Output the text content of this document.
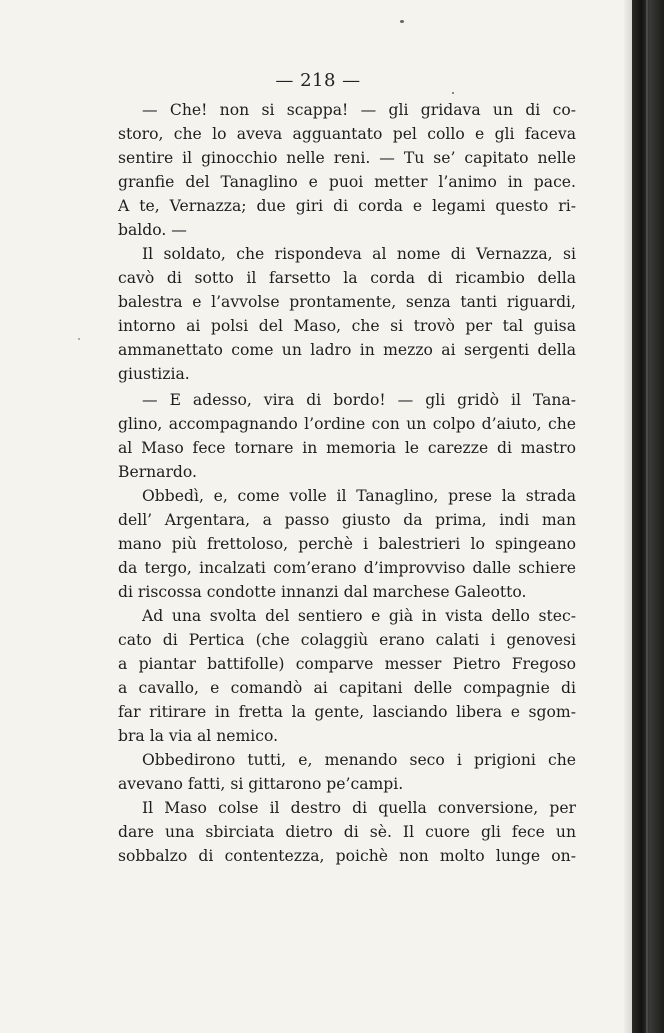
— 218 —
— Che! non si scappa! — gli gridava un di co-
storo, che lo aveva agguantato pel collo e gli faceva
sentire il ginocchio nelle reni. — Tu se’ capitato nelle
granfie del Tanaglino e puoi metter l’animo in pace.
A te, Vernazza; due giri di corda e legami questo ri-
baldo. —
Il soldato, che rispondeva al nome di Vernazza, si
cavò di sotto il farsetto la corda di ricambio della
balestra e l’avvolse prontamente, senza tanti riguardi,
intorno ai polsi del Maso, che si trovò per tal guisa
ammanettato come un ladro in mezzo ai sergenti della
giustizia.
— E adesso, vira di bordo! — gli gridò il Tana-
glino, accompagnando l’ordine con un colpo d’aiuto, che
al Maso fece tornare in memoria le carezze di mastro
Bernardo.
Obbedì, e, come volle il Tanaglino, prese la strada
dell’ Argentara, a passo giusto da prima, indi man
mano più frettoloso, perchè i balestrieri lo spingeano
da tergo, incalzati com’erano d’improvviso dalle schiere
di riscossa condotte innanzi dal marchese Galeotto.
Ad una svolta del sentiero e già in vista dello stec-
cato di Pertica (che colaggiù erano calati i genovesi
a piantar battifolle) comparve messer Pietro Fregoso
a cavallo, e comandò ai capitani delle compagnie di
far ritirare in fretta la gente, lasciando libera e sgom-
bra la via al nemico.
Obbedirono tutti, e, menando seco i prigioni che
avevano fatti, si gittarono pe’campi.
Il Maso colse il destro di quella conversione, per
dare una sbirciata dietro di sè. Il cuore gli fece un
sobbalzo di contentezza, poichè non molto lunge on-
